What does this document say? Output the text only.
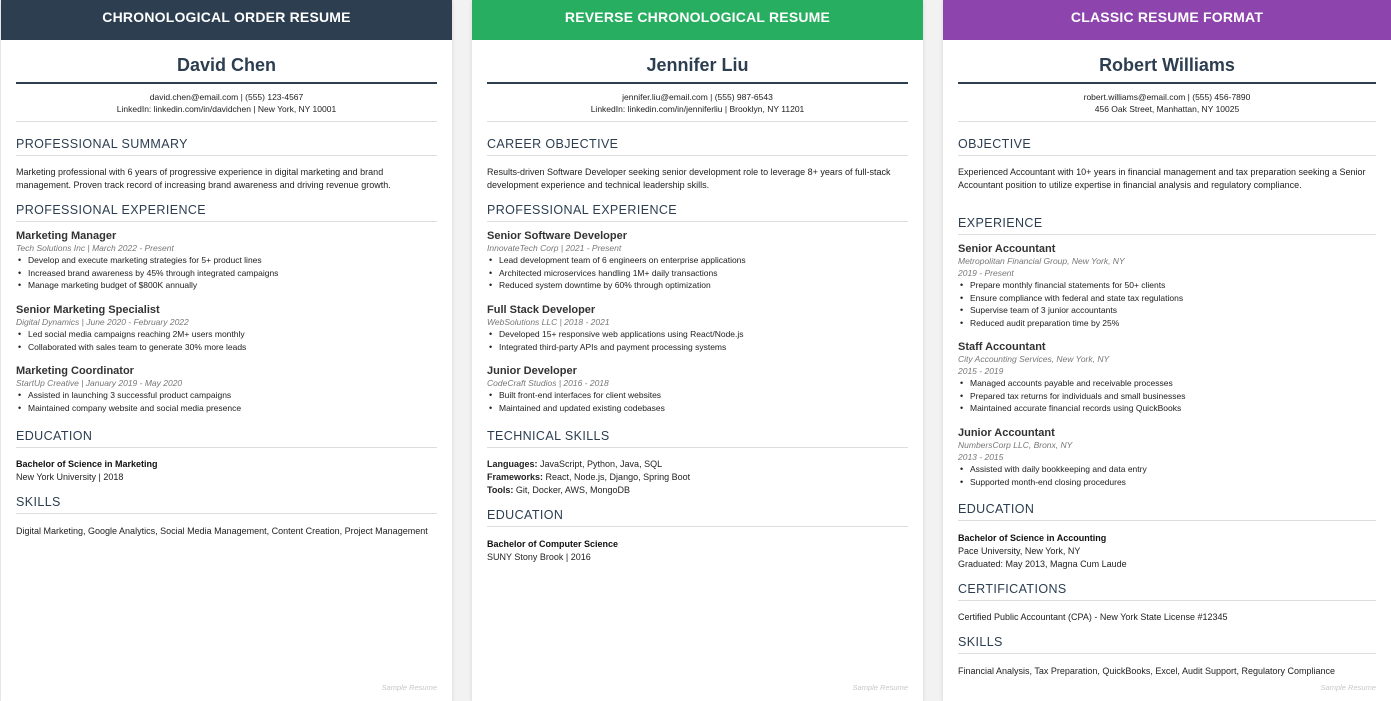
CHRONOLOGICAL ORDER RESUME
David Chen
david.chen@email.com | (555) 123-4567
LinkedIn: linkedin.com/in/davidchen | New York, NY 10001
PROFESSIONAL SUMMARY
Marketing professional with 6 years of progressive experience in digital marketing and brand management. Proven track record of increasing brand awareness and driving revenue growth.
PROFESSIONAL EXPERIENCE
Marketing Manager
Tech Solutions Inc | March 2022 - Present
• Develop and execute marketing strategies for 5+ product lines
• Increased brand awareness by 45% through integrated campaigns
• Manage marketing budget of $800K annually
Senior Marketing Specialist
Digital Dynamics | June 2020 - February 2022
• Led social media campaigns reaching 2M+ users monthly
• Collaborated with sales team to generate 30% more leads
Marketing Coordinator
StartUp Creative | January 2019 - May 2020
• Assisted in launching 3 successful product campaigns
• Maintained company website and social media presence
EDUCATION
Bachelor of Science in Marketing
New York University | 2018
SKILLS
Digital Marketing, Google Analytics, Social Media Management, Content Creation, Project Management
Sample Resume
REVERSE CHRONOLOGICAL RESUME
Jennifer Liu
jennifer.liu@email.com | (555) 987-6543
LinkedIn: linkedin.com/in/jenniferliu | Brooklyn, NY 11201
CAREER OBJECTIVE
Results-driven Software Developer seeking senior development role to leverage 8+ years of full-stack development experience and technical leadership skills.
PROFESSIONAL EXPERIENCE
Senior Software Developer
InnovateTech Corp | 2021 - Present
• Lead development team of 6 engineers on enterprise applications
• Architected microservices handling 1M+ daily transactions
• Reduced system downtime by 60% through optimization
Full Stack Developer
WebSolutions LLC | 2018 - 2021
• Developed 15+ responsive web applications using React/Node.js
• Integrated third-party APIs and payment processing systems
Junior Developer
CodeCraft Studios | 2016 - 2018
• Built front-end interfaces for client websites
• Maintained and updated existing codebases
TECHNICAL SKILLS
Languages: JavaScript, Python, Java, SQL
Frameworks: React, Node.js, Django, Spring Boot
Tools: Git, Docker, AWS, MongoDB
EDUCATION
Bachelor of Computer Science
SUNY Stony Brook | 2016
Sample Resume
CLASSIC RESUME FORMAT
Robert Williams
robert.williams@email.com | (555) 456-7890
456 Oak Street, Manhattan, NY 10025
OBJECTIVE
Experienced Accountant with 10+ years in financial management and tax preparation seeking a Senior Accountant position to utilize expertise in financial analysis and regulatory compliance.
EXPERIENCE
Senior Accountant
Metropolitan Financial Group, New York, NY
2019 - Present
• Prepare monthly financial statements for 50+ clients
• Ensure compliance with federal and state tax regulations
• Supervise team of 3 junior accountants
• Reduced audit preparation time by 25%
Staff Accountant
City Accounting Services, New York, NY
2015 - 2019
• Managed accounts payable and receivable processes
• Prepared tax returns for individuals and small businesses
• Maintained accurate financial records using QuickBooks
Junior Accountant
NumbersCorp LLC, Bronx, NY
2013 - 2015
• Assisted with daily bookkeeping and data entry
• Supported month-end closing procedures
EDUCATION
Bachelor of Science in Accounting
Pace University, New York, NY
Graduated: May 2013, Magna Cum Laude
CERTIFICATIONS
Certified Public Accountant (CPA) - New York State License #12345
SKILLS
Financial Analysis, Tax Preparation, QuickBooks, Excel, Audit Support, Regulatory Compliance
Sample Resume
